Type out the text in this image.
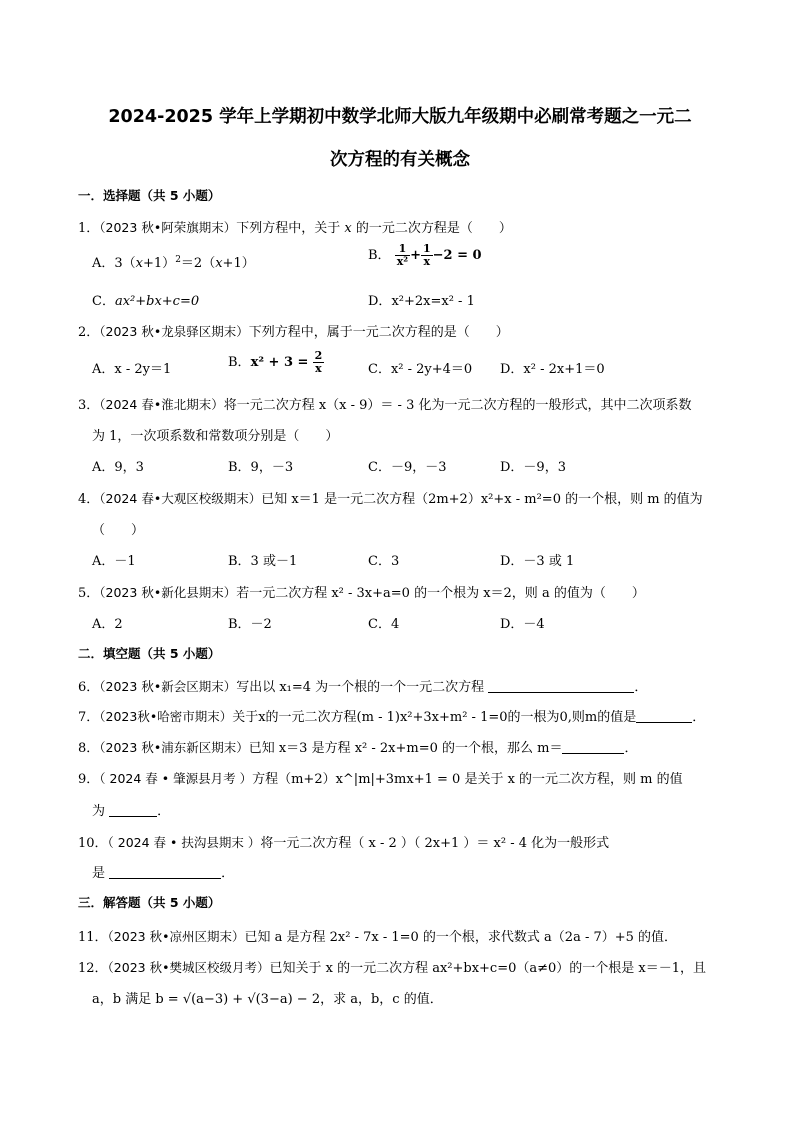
2024-2025 学年上学期初中数学北师大版九年级期中必刷常考题之一元二
次方程的有关概念
一．选择题（共 5 小题）
1．（2023 秋•阿荣旗期末）下列方程中，关于 x 的一元二次方程是（　　）
A．$3(x+1)^2=2(x+1)$
B． $\frac{1}{\text{x²}} + \frac{1}{x} -2 = 0$
C．ax²+bx+c=0	D．x²+2x=x² - 1
2．（2023 秋•龙泉驿区期末）下列方程中，属于一元二次方程的是（　　）
A．x - 2y＝1	B．$x^2 + 3 = \frac{2}{x}$	C．x² - 2y+4＝0 D．x² - 2x+1＝0
3．（2024 春•淮北期末）将一元二次方程 x（x - 9）＝ - 3 化为一元二次方程的一般形式，其中二次项系数
为 1，一次项系数和常数项分别是（　　）
A．9，3	B．9，－3	C．－9，－3	D．－9，3
4．（2024 春•大观区校级期末）已知 x＝1 是一元二次方程（2m+2）x²+x - m²=0 的一个根，则 m 的值为
（　　）
A．－1	B．3 或－1	C．3	D．－3 或 1
5．（2023 秋•新化县期末）若一元二次方程 x² - 3x+a=0 的一个根为 x＝2，则 a 的值为（　　）
A．2	B．－2	C．4	D．－4
二．填空题（共 5 小题）
6．（2023 秋•新会区期末）写出以 x₁=4 为一个根的一个一元二次方程	．
7．（2023秋•哈密市期末）关于x的一元二次方程(m - 1)x²+3x+m² - 1=0的一根为0,则m的值是	．
8．（2023 秋•浦东新区期末）已知 x＝3 是方程 x² - 2x+m=0 的一个根，那么 m＝	．
9．（ 2024 春 • 肇源县月考 ）方程（m+2）x^|m|+3mx+1 = 0 是关于 x 的一元二次方程，则 m 的值
为	．
10．（ 2024 春 • 扶沟县期末 ）将一元二次方程（ x - 2 ）（ 2x+1 ）＝ x² - 4 化为一般形式
是	．
三．解答题（共 5 小题）
11．（2023 秋•凉州区期末）已知 a 是方程 2x² - 7x - 1=0 的一个根，求代数式 a（2a - 7）+5 的值．
12．（2023 秋•樊城区校级月考）已知关于 x 的一元二次方程 ax²+bx+c=0（a≠0）的一个根是 x＝－1，且
a，b 满足 b = √(a−3) + √(3−a) − 2，求 a，b，c 的值．
